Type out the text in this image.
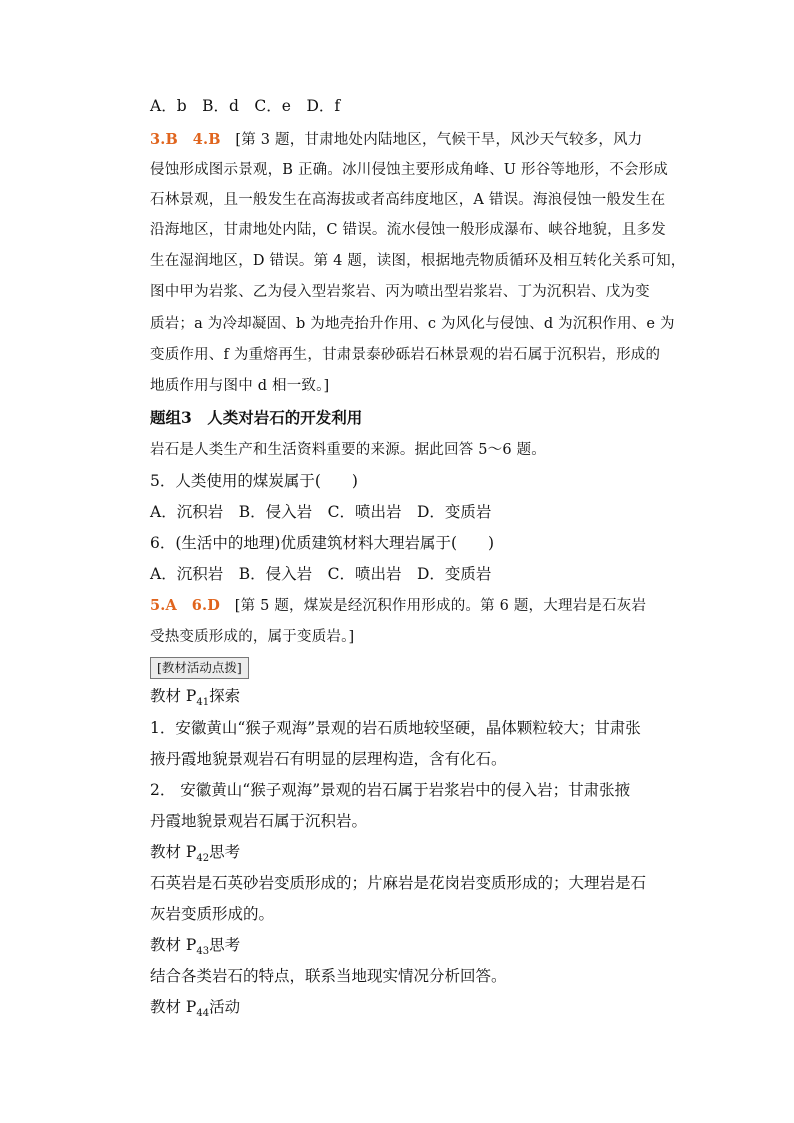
A．b　B．d　C．e　D．f
3.B　 4.B　 [第 3 题，甘肃地处内陆地区，气候干旱，风沙天气较多，风力
侵蚀形成图示景观，B 正确。冰川侵蚀主要形成角峰、U 形谷等地形，不会形成
石林景观，且一般发生在高海拔或者高纬度地区，A 错误。海浪侵蚀一般发生在
沿海地区，甘肃地处内陆，C 错误。流水侵蚀一般形成瀑布、峡谷地貌，且多发
生在湿润地区，D 错误。第 4 题，读图，根据地壳物质循环及相互转化关系可知，
图中甲为岩浆、乙为侵入型岩浆岩、丙为喷出型岩浆岩、丁为沉积岩、戊为变
质岩；a 为冷却凝固、b 为地壳抬升作用、c 为风化与侵蚀、d 为沉积作用、e 为
变质作用、f 为重熔再生，甘肃景泰砂砾岩石林景观的岩石属于沉积岩，形成的
地质作用与图中 d 相一致。]
题组3　人类对岩石的开发利用
岩石是人类生产和生活资料重要的来源。据此回答 5～6 题。
5．人类使用的煤炭属于(　　)
A．沉积岩　B．侵入岩　C．喷出岩　D．变质岩
6．(生活中的地理)优质建筑材料大理岩属于(　　)
A．沉积岩　B．侵入岩　C．喷出岩　D．变质岩
5.A　 6.D　 [第 5 题，煤炭是经沉积作用形成的。第 6 题，大理岩是石灰岩
受热变质形成的，属于变质岩。]
[教材活动点拨]
教材 $P_{41}$探索
1．安徽黄山“猴子观海”景观的岩石质地较坚硬，晶体颗粒较大；甘肃张
掖丹霞地貌景观岩石有明显的层理构造，含有化石。
2． 安徽黄山“猴子观海”景观的岩石属于岩浆岩中的侵入岩；甘肃张掖
丹霞地貌景观岩石属于沉积岩。
教材 $P_{42}$思考
石英岩是石英砂岩变质形成的；片麻岩是花岗岩变质形成的；大理岩是石
灰岩变质形成的。
教材 $P_{43}$思考
结合各类岩石的特点，联系当地现实情况分析回答。
教材 $P_{44}$活动
